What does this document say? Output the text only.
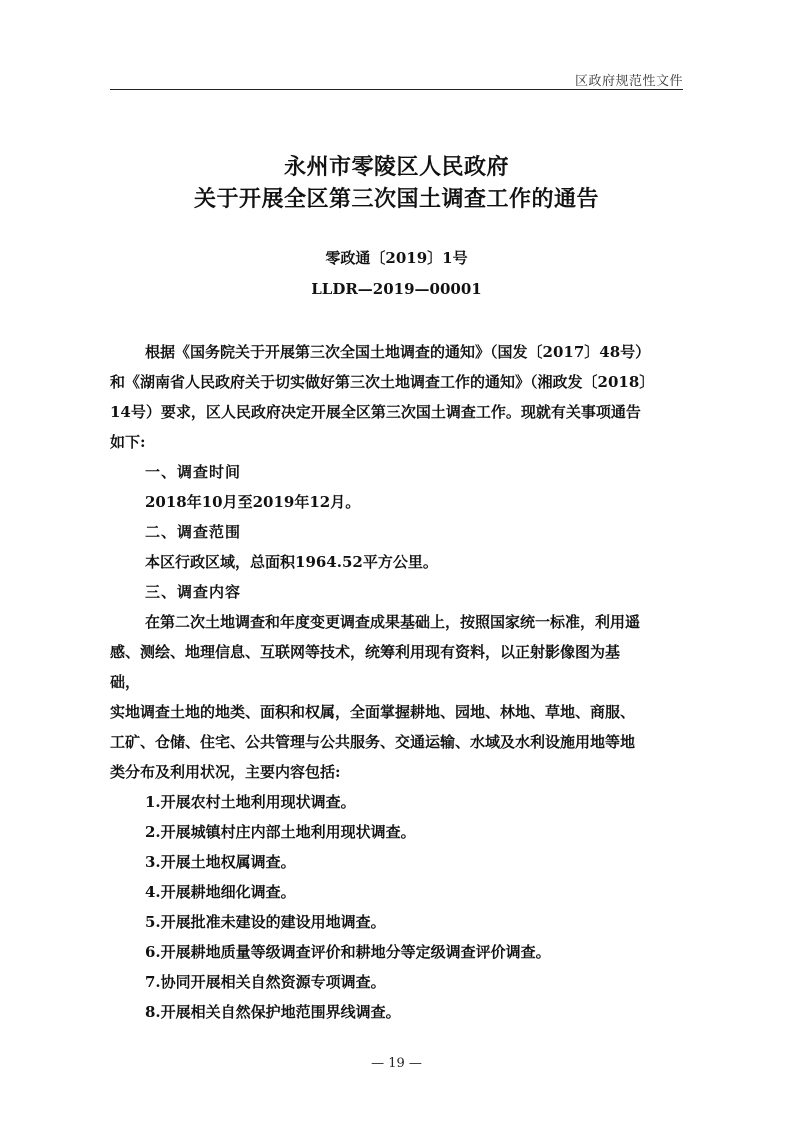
区政府规范性文件
永州市零陵区人民政府
关于开展全区第三次国土调查工作的通告
零政通〔2019〕1号
LLDR—2019—00001

根据《国务院关于开展第三次全国土地调查的通知》（国发〔2017〕48号）

和《湖南省人民政府关于切实做好第三次土地调查工作的通知》（湘政发〔2018〕

14号）要求，区人民政府决定开展全区第三次国土调查工作。现就有关事项通告

如下:

一、调查时间

2018年10月至2019年12月。

二、调查范围

本区行政区域，总面积1964.52平方公里。

三、调查内容

在第二次土地调查和年度变更调查成果基础上，按照国家统一标准，利用遥

感、测绘、地理信息、互联网等技术，统筹利用现有资料，以正射影像图为基础，

实地调查土地的地类、面积和权属，全面掌握耕地、园地、林地、草地、商服、

工矿、仓储、住宅、公共管理与公共服务、交通运输、水域及水利设施用地等地

类分布及利用状况，主要内容包括:

1.开展农村土地利用现状调查。

2.开展城镇村庄内部土地利用现状调查。

3.开展土地权属调查。

4.开展耕地细化调查。

5.开展批准未建设的建设用地调查。

6.开展耕地质量等级调查评价和耕地分等定级调查评价调查。

7.协同开展相关自然资源专项调查。

8.开展相关自然保护地范围界线调查。

— 19 —
